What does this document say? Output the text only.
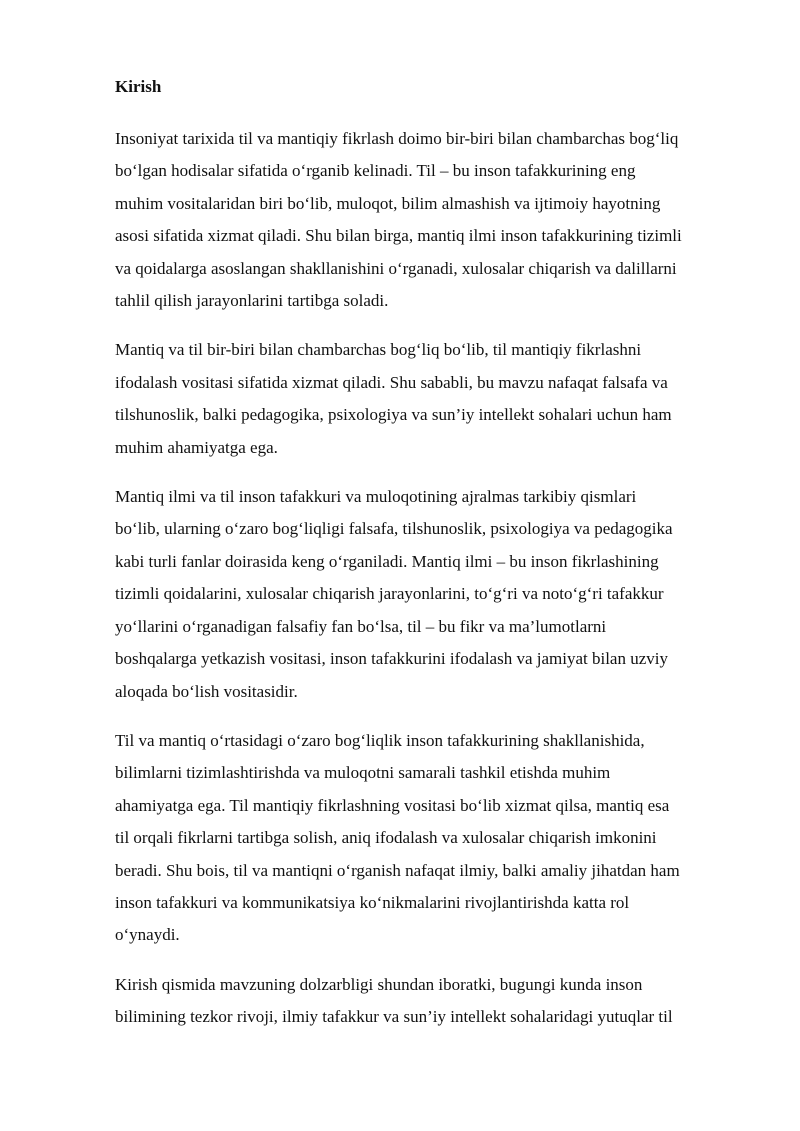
Kirish
Insoniyat tarixida til va mantiqiy fikrlash doimo bir-biri bilan chambarchas bog‘liq
bo‘lgan hodisalar sifatida o‘rganib kelinadi. Til – bu inson tafakkurining eng
muhim vositalaridan biri bo‘lib, muloqot, bilim almashish va ijtimoiy hayotning
asosi sifatida xizmat qiladi. Shu bilan birga, mantiq ilmi inson tafakkurining tizimli
va qoidalarga asoslangan shakllanishini o‘rganadi, xulosalar chiqarish va dalillarni
tahlil qilish jarayonlarini tartibga soladi.
Mantiq va til bir-biri bilan chambarchas bog‘liq bo‘lib, til mantiqiy fikrlashni
ifodalash vositasi sifatida xizmat qiladi. Shu sababli, bu mavzu nafaqat falsafa va
tilshunoslik, balki pedagogika, psixologiya va sun’iy intellekt sohalari uchun ham
muhim ahamiyatga ega.
Mantiq ilmi va til inson tafakkuri va muloqotining ajralmas tarkibiy qismlari
bo‘lib, ularning o‘zaro bog‘liqligi falsafa, tilshunoslik, psixologiya va pedagogika
kabi turli fanlar doirasida keng o‘rganiladi. Mantiq ilmi – bu inson fikrlashining
tizimli qoidalarini, xulosalar chiqarish jarayonlarini, to‘g‘ri va noto‘g‘ri tafakkur
yo‘llarini o‘rganadigan falsafiy fan bo‘lsa, til – bu fikr va ma’lumotlarni
boshqalarga yetkazish vositasi, inson tafakkurini ifodalash va jamiyat bilan uzviy
aloqada bo‘lish vositasidir.
Til va mantiq o‘rtasidagi o‘zaro bog‘liqlik inson tafakkurining shakllanishida,
bilimlarni tizimlashtirishda va muloqotni samarali tashkil etishda muhim
ahamiyatga ega. Til mantiqiy fikrlashning vositasi bo‘lib xizmat qilsa, mantiq esa
til orqali fikrlarni tartibga solish, aniq ifodalash va xulosalar chiqarish imkonini
beradi. Shu bois, til va mantiqni o‘rganish nafaqat ilmiy, balki amaliy jihatdan ham
inson tafakkuri va kommunikatsiya ko‘nikmalarini rivojlantirishda katta rol
o‘ynaydi.
Kirish qismida mavzuning dolzarbligi shundan iboratki, bugungi kunda inson
bilimining tezkor rivoji, ilmiy tafakkur va sun’iy intellekt sohalaridagi yutuqlar til
